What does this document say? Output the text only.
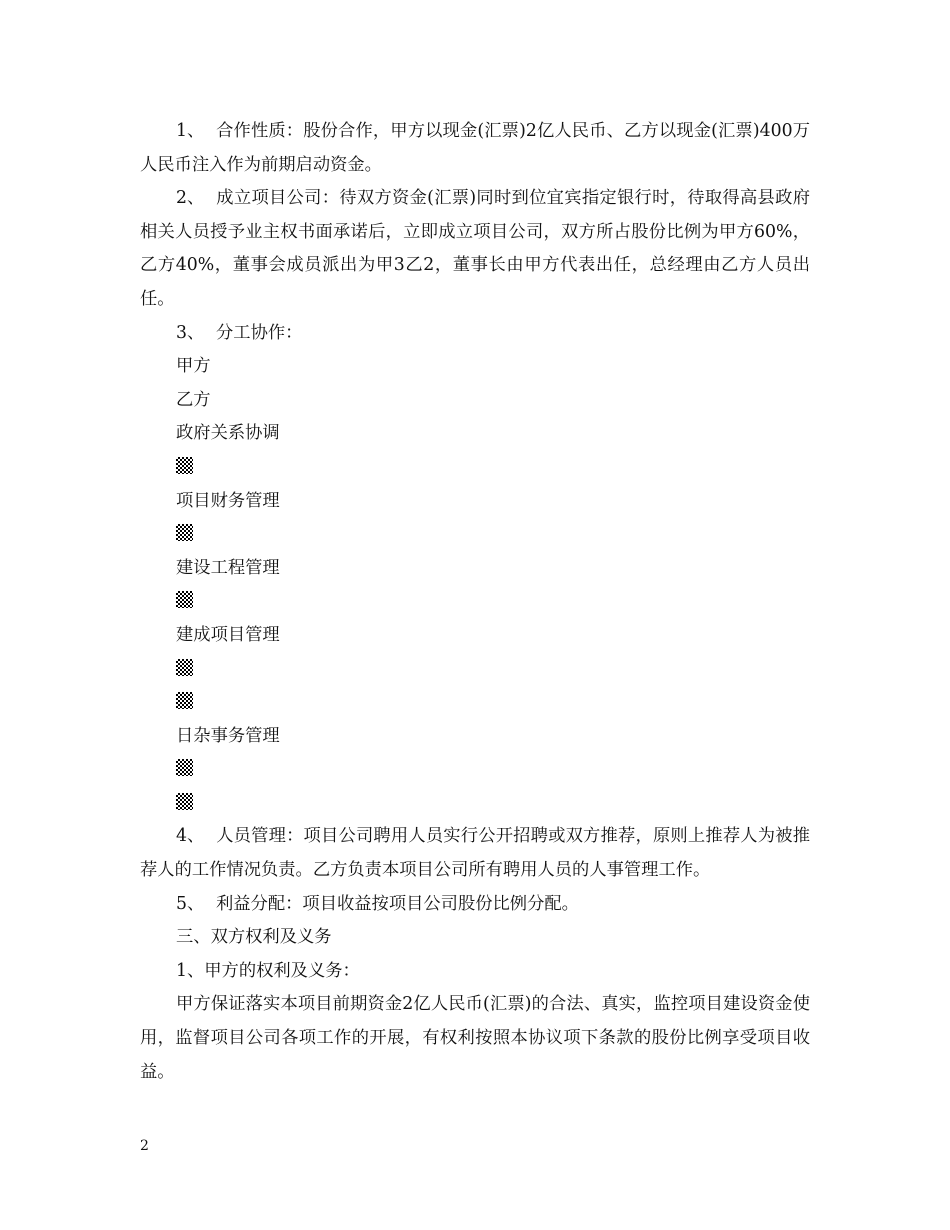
1、 合作性质：股份合作，甲方以现金(汇票)2亿人民币、乙方以现金(汇票)400万人民币注入作为前期启动资金。

2、 成立项目公司：待双方资金(汇票)同时到位宜宾指定银行时，待取得高县政府相关人员授予业主权书面承诺后，立即成立项目公司，双方所占股份比例为甲方60%，乙方40%，董事会成员派出为甲3乙2，董事长由甲方代表出任，总经理由乙方人员出任。

3、 分工协作：

甲方

乙方

政府关系协调

项目财务管理

建设工程管理

建成项目管理

日杂事务管理

4、 人员管理：项目公司聘用人员实行公开招聘或双方推荐，原则上推荐人为被推荐人的工作情况负责。乙方负责本项目公司所有聘用人员的人事管理工作。

5、 利益分配：项目收益按项目公司股份比例分配。

三、双方权利及义务

1、甲方的权利及义务：

甲方保证落实本项目前期资金2亿人民币(汇票)的合法、真实，监控项目建设资金使用，监督项目公司各项工作的开展，有权利按照本协议项下条款的股份比例享受项目收益。

2
